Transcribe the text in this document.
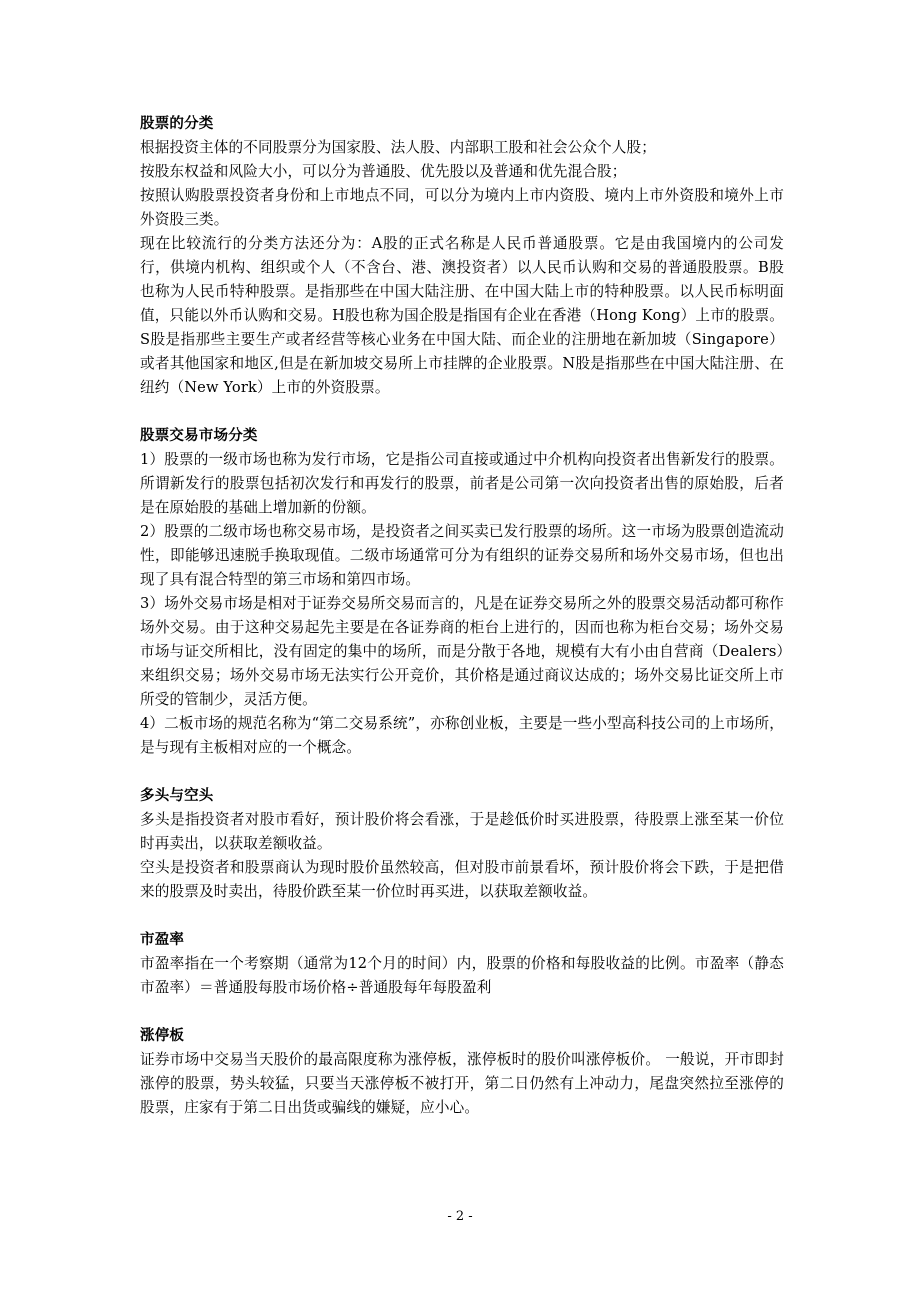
股票的分类

根据投资主体的不同股票分为国家股、法人股、内部职工股和社会公众个人股；

按股东权益和风险大小，可以分为普通股、优先股以及普通和优先混合股；

按照认购股票投资者身份和上市地点不同，可以分为境内上市内资股、境内上市外资股和境外上市外资股三类。

现在比较流行的分类方法还分为：A股的正式名称是人民币普通股票。它是由我国境内的公司发行，供境内机构、组织或个人（不含台、港、澳投资者）以人民币认购和交易的普通股股票。B股也称为人民币特种股票。是指那些在中国大陆注册、在中国大陆上市的特种股票。以人民币标明面值，只能以外币认购和交易。H股也称为国企股是指国有企业在香港（Hong Kong）上市的股票。S股是指那些主要生产或者经营等核心业务在中国大陆、而企业的注册地在新加坡（Singapore）或者其他国家和地区,但是在新加坡交易所上市挂牌的企业股票。N股是指那些在中国大陆注册、在纽约（New York）上市的外资股票。

股票交易市场分类

1）股票的一级市场也称为发行市场，它是指公司直接或通过中介机构向投资者出售新发行的股票。所谓新发行的股票包括初次发行和再发行的股票，前者是公司第一次向投资者出售的原始股，后者是在原始股的基础上增加新的份额。

2）股票的二级市场也称交易市场，是投资者之间买卖已发行股票的场所。这一市场为股票创造流动性，即能够迅速脱手换取现值。二级市场通常可分为有组织的证券交易所和场外交易市场，但也出现了具有混合特型的第三市场和第四市场。

3）场外交易市场是相对于证券交易所交易而言的，凡是在证券交易所之外的股票交易活动都可称作场外交易。由于这种交易起先主要是在各证券商的柜台上进行的，因而也称为柜台交易；场外交易市场与证交所相比，没有固定的集中的场所，而是分散于各地，规模有大有小由自营商（Dealers）来组织交易；场外交易市场无法实行公开竞价，其价格是通过商议达成的；场外交易比证交所上市所受的管制少，灵活方便。

4）二板市场的规范名称为“第二交易系统”，亦称创业板，主要是一些小型高科技公司的上市场所，是与现有主板相对应的一个概念。

多头与空头

多头是指投资者对股市看好，预计股价将会看涨，于是趁低价时买进股票，待股票上涨至某一价位时再卖出，以获取差额收益。

空头是投资者和股票商认为现时股价虽然较高，但对股市前景看坏，预计股价将会下跌，于是把借来的股票及时卖出，待股价跌至某一价位时再买进，以获取差额收益。

市盈率

市盈率指在一个考察期（通常为12个月的时间）内，股票的价格和每股收益的比例。市盈率（静态市盈率）＝普通股每股市场价格÷普通股每年每股盈利

涨停板

证券市场中交易当天股价的最高限度称为涨停板，涨停板时的股价叫涨停板价。 一般说，开市即封涨停的股票，势头较猛，只要当天涨停板不被打开，第二日仍然有上冲动力，尾盘突然拉至涨停的股票，庄家有于第二日出货或骗线的嫌疑，应小心。

- 2 -
